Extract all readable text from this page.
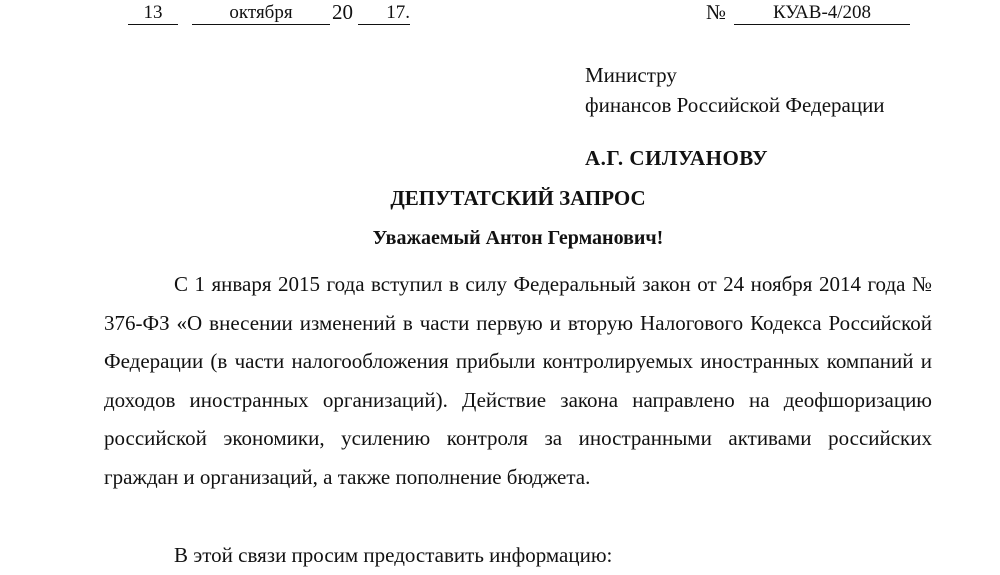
13	октября	20	17.	№	КУАВ-4/208
Министру
финансов Российской Федерации
А.Г. СИЛУАНОВУ
ДЕПУТАТСКИЙ ЗАПРОС
Уважаемый Антон Германович!

С 1 января 2015 года вступил в силу Федеральный закон от 24 ноября 2014 года № 376-ФЗ «О внесении изменений в части первую и вторую Налогового Кодекса Российской Федерации (в части налогообложения прибыли контролируемых иностранных компаний и доходов иностранных организаций). Действие закона направлено на деофшоризацию российской экономики, усилению контроля за иностранными активами российских граждан и организаций, а также пополнение бюджета.

В этой связи просим предоставить информацию:
